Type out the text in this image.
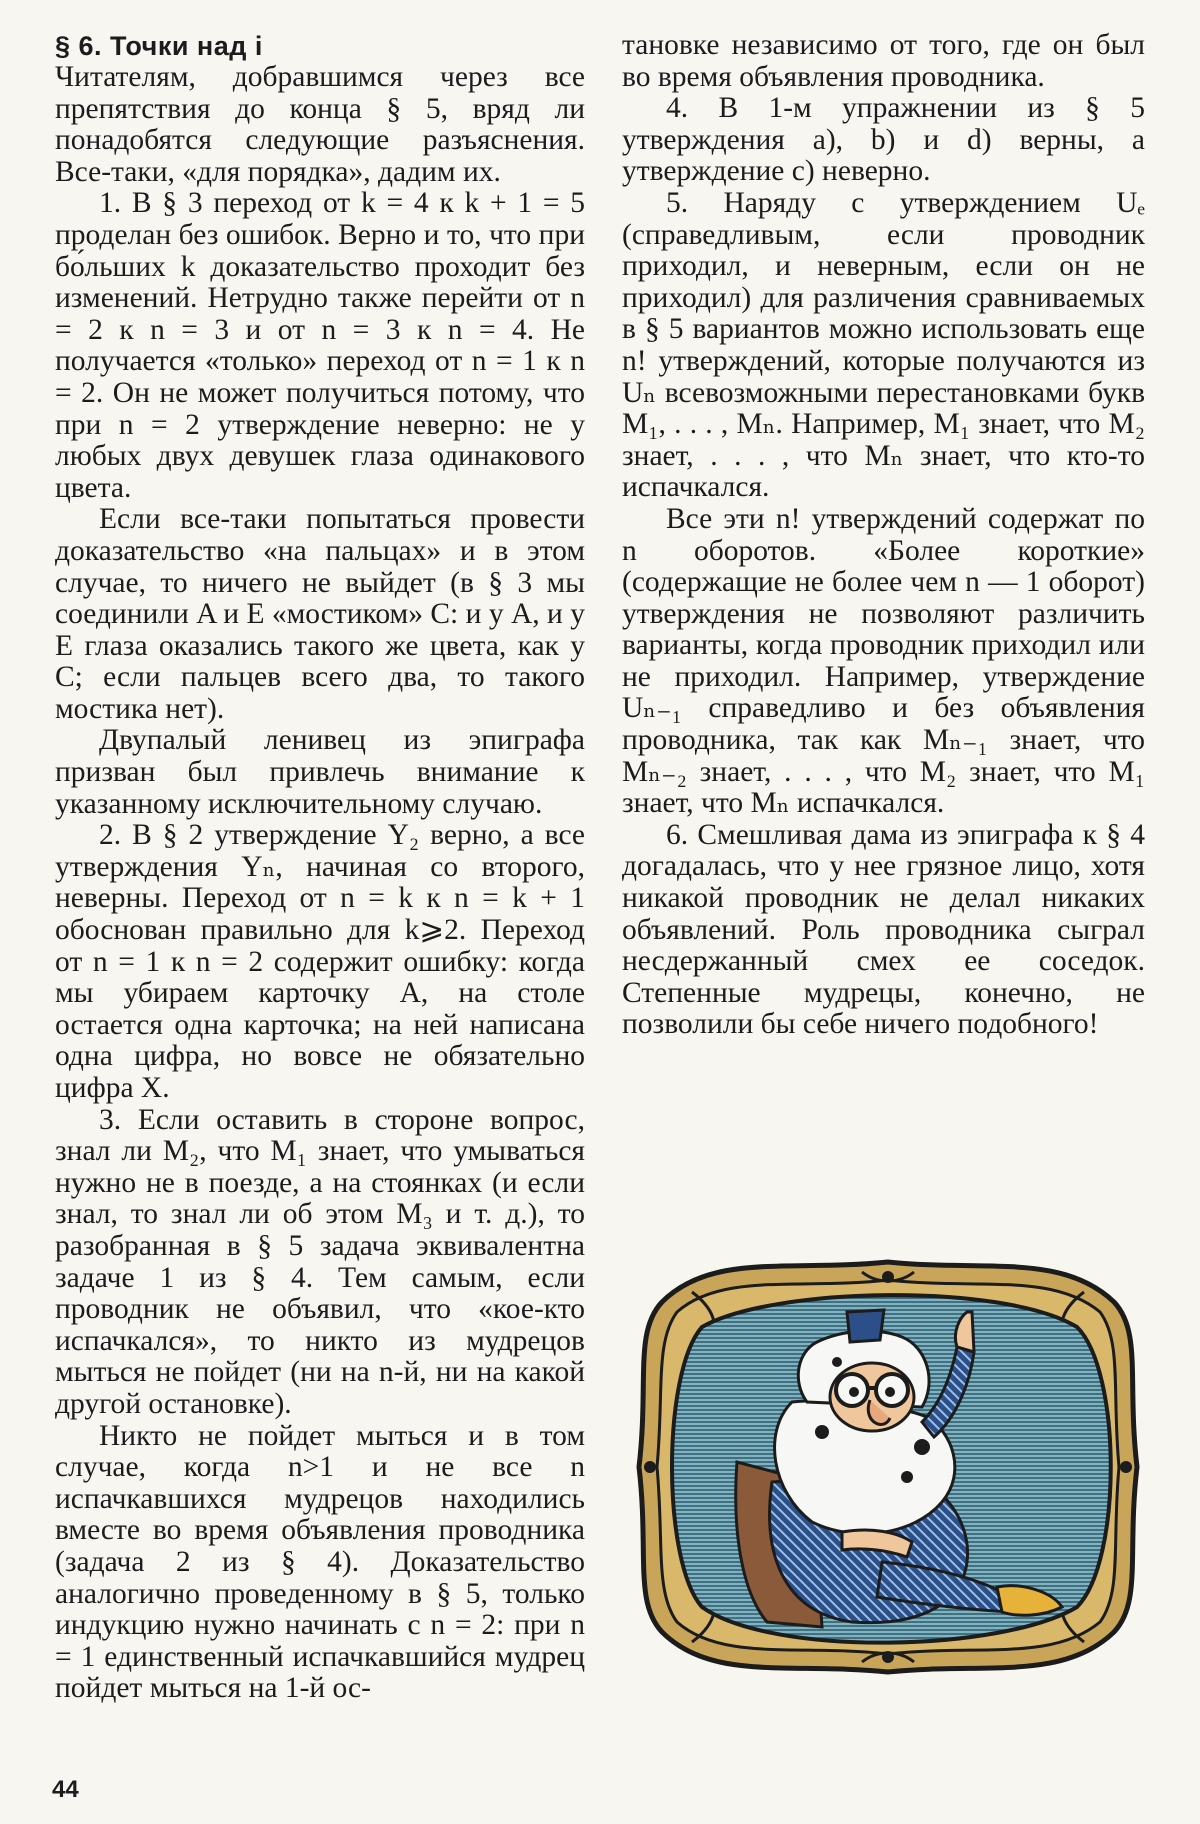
§ 6. Точки над i

Читателям, добравшимся через все препятствия до конца § 5, вряд ли понадобятся следующие разъяснения. Все-таки, «для порядка», дадим их.

1. В § 3 переход от k = 4 к k + 1 = 5 проделан без ошибок. Верно и то, что при бо́льших k доказательство проходит без изменений. Нетрудно также перейти от n = 2 к n = 3 и от n = 3 к n = 4. Не получается «только» переход от n = 1 к n = 2. Он не может получиться потому, что при n = 2 утверждение неверно: не у любых двух девушек глаза одинакового цвета.

Если все-таки попытаться провести доказательство «на пальцах» и в этом случае, то ничего не выйдет (в § 3 мы соединили A и E «мостиком» C: и у A, и у E глаза оказались такого же цвета, как у C; если пальцев всего два, то такого мостика нет).

Двупалый ленивец из эпиграфа призван был привлечь внимание к указанному исключительному случаю.

2. В § 2 утверждение Y₂ верно, а все утверждения Yₙ, начиная со второго, неверны. Переход от n = k к n = k + 1 обоснован правильно для k⩾2. Переход от n = 1 к n = 2 содержит ошибку: когда мы убираем карточку A, на столе остается одна карточка; на ней написана одна цифра, но вовсе не обязательно цифра X.

3. Если оставить в стороне вопрос, знал ли M₂, что M₁ знает, что умываться нужно не в поезде, а на стоянках (и если знал, то знал ли об этом M₃ и т. д.), то разобранная в § 5 задача эквивалентна задаче 1 из § 4. Тем самым, если проводник не объявил, что «кое-кто испачкался», то никто из мудрецов мыться не пойдет (ни на n-й, ни на какой другой остановке).

Никто не пойдет мыться и в том случае, когда n>1 и не все n испачкавшихся мудрецов находились вместе во время объявления проводника (задача 2 из § 4). Доказательство аналогично проведенному в § 5, только индукцию нужно начинать с n = 2: при n = 1 единственный испачкавшийся мудрец пойдет мыться на 1-й ос-

тановке независимо от того, где он был во время объявления проводника.

4. В 1-м упражнении из § 5 утверждения a), b) и d) верны, а утверждение c) неверно.

5. Наряду с утверждением Uₑ (справедливым, если проводник приходил, и неверным, если он не приходил) для различения сравниваемых в § 5 вариантов можно использовать еще n! утверждений, которые получаются из Uₙ всевозможными перестановками букв M₁, . . . , Mₙ. Например, M₁ знает, что M₂ знает, . . . , что Mₙ знает, что кто-то испачкался.

Все эти n! утверждений содержат по n оборотов. «Более короткие» (содержащие не более чем n — 1 оборот) утверждения не позволяют различить варианты, когда проводник приходил или не приходил. Например, утверждение Uₙ₋₁ справедливо и без объявления проводника, так как Mₙ₋₁ знает, что Mₙ₋₂ знает, . . . , что M₂ знает, что M₁ знает, что Mₙ испачкался.

6. Смешливая дама из эпиграфа к § 4 догадалась, что у нее грязное лицо, хотя никакой проводник не делал никаких объявлений. Роль проводника сыграл несдержанный смех ее соседок. Степенные мудрецы, конечно, не позволили бы себе ничего подобного!

44
